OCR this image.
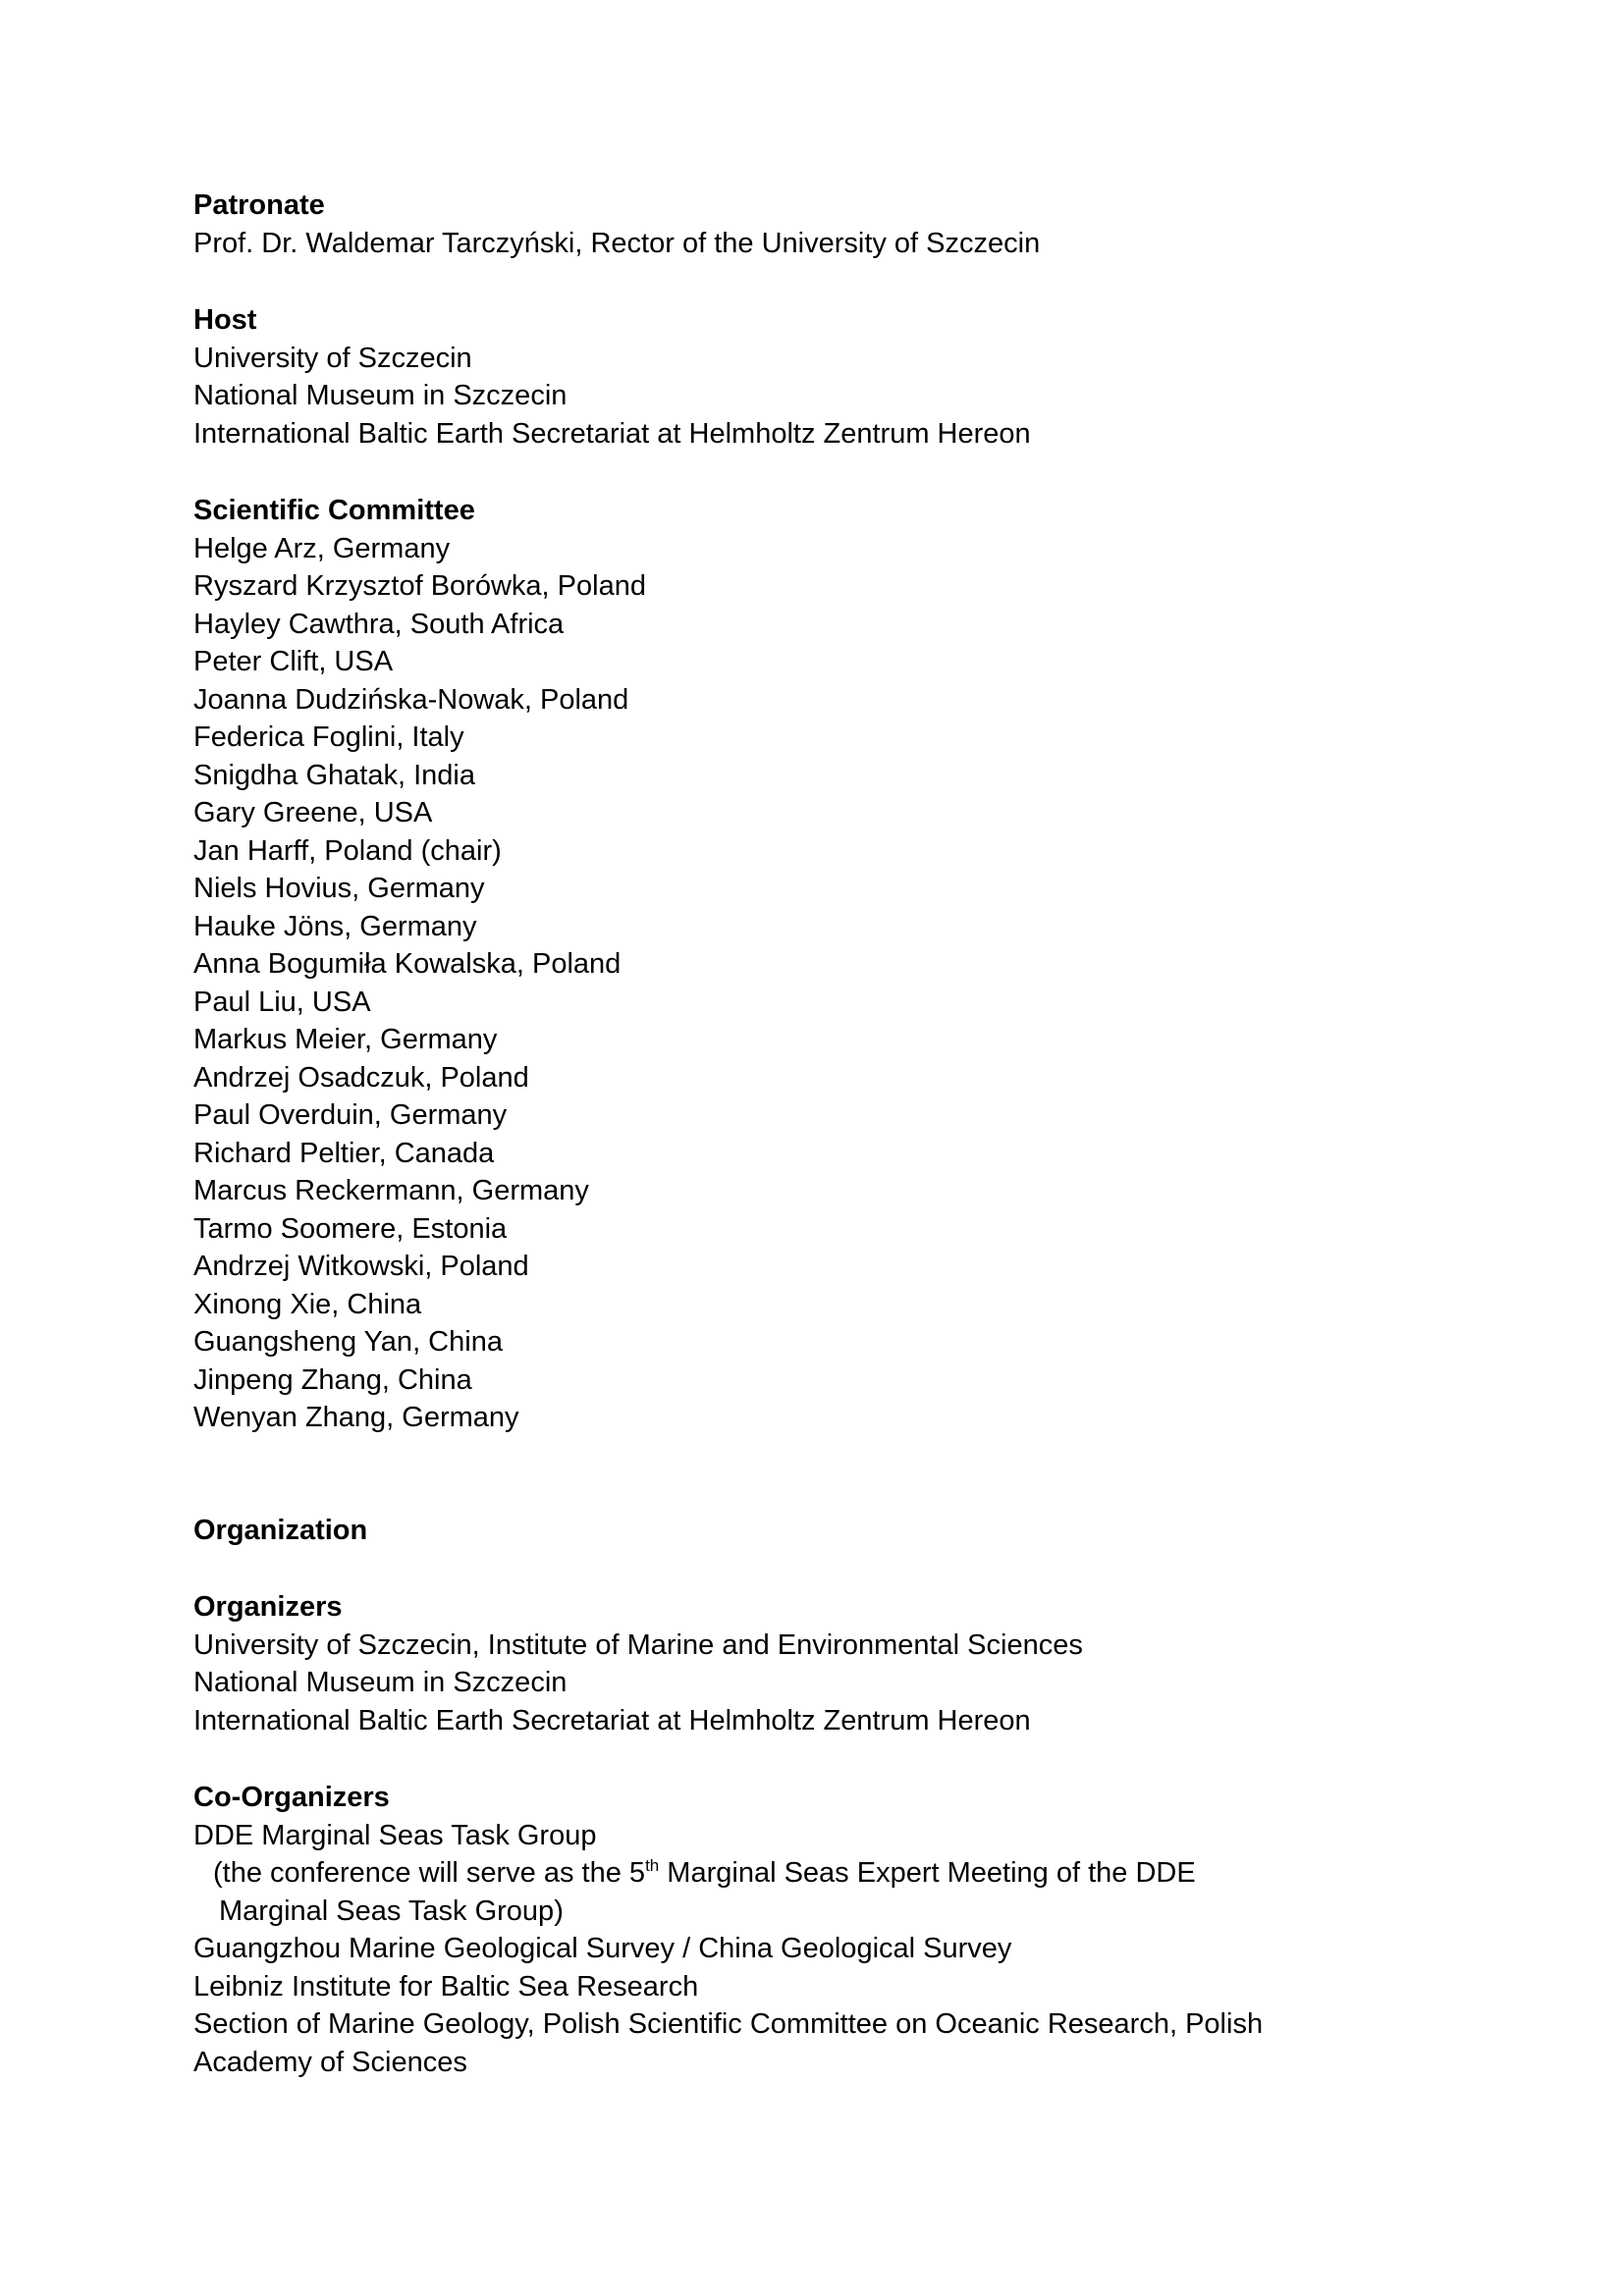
Patronate
Prof. Dr. Waldemar Tarczyński, Rector of the University of Szczecin
Host
University of Szczecin
National Museum in Szczecin
International Baltic Earth Secretariat at Helmholtz Zentrum Hereon
Scientific Committee
Helge Arz, Germany
Ryszard Krzysztof Borówka, Poland
Hayley Cawthra, South Africa
Peter Clift, USA
Joanna Dudzińska-Nowak, Poland
Federica Foglini, Italy
Snigdha Ghatak, India
Gary Greene, USA
Jan Harff, Poland (chair)
Niels Hovius, Germany
Hauke Jöns, Germany
Anna Bogumiła Kowalska, Poland
Paul Liu, USA
Markus Meier, Germany
Andrzej Osadczuk, Poland
Paul Overduin, Germany
Richard Peltier, Canada
Marcus Reckermann, Germany
Tarmo Soomere, Estonia
Andrzej Witkowski, Poland
Xinong Xie, China
Guangsheng Yan, China
Jinpeng Zhang, China
Wenyan Zhang, Germany
Organization
Organizers
University of Szczecin, Institute of Marine and Environmental Sciences
National Museum in Szczecin
International Baltic Earth Secretariat at Helmholtz Zentrum Hereon
Co-Organizers
DDE Marginal Seas Task Group
(the conference will serve as the 5th Marginal Seas Expert Meeting of the DDE
Marginal Seas Task Group)
Guangzhou Marine Geological Survey / China Geological Survey
Leibniz Institute for Baltic Sea Research
Section of Marine Geology, Polish Scientific Committee on Oceanic Research, Polish
Academy of Sciences
